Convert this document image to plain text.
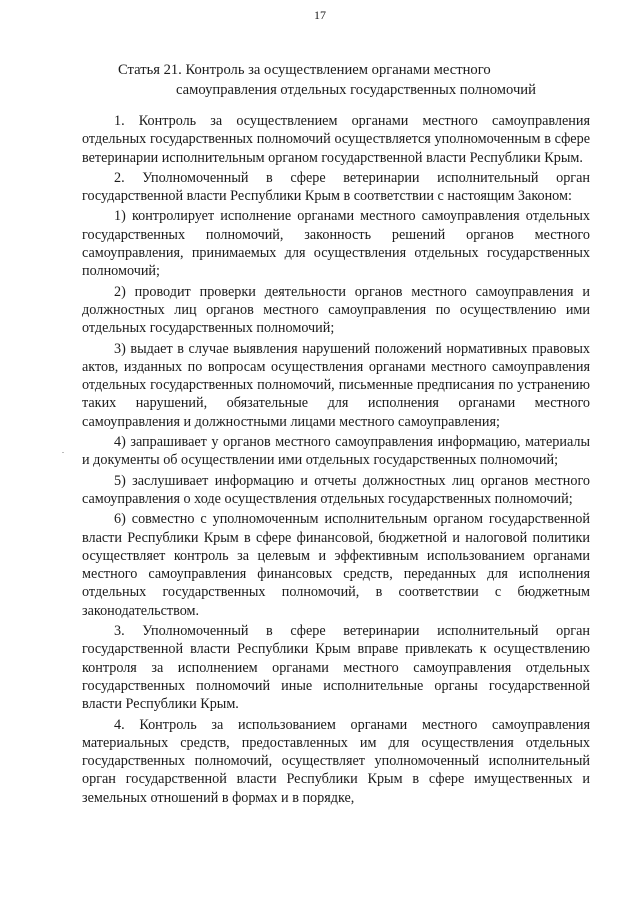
17
Статья 21. Контроль за осуществлением органами местного
самоуправления отдельных государственных полномочий

1. Контроль за осуществлением органами местного самоуправления отдельных государственных полномочий осуществляется уполномоченным в сфере ветеринарии исполнительным органом государственной власти Республики Крым.

2. Уполномоченный в сфере ветеринарии исполнительный орган государственной власти Республики Крым в соответствии с настоящим Законом:

1) контролирует исполнение органами местного самоуправления отдельных государственных полномочий, законность решений органов местного самоуправления, принимаемых для осуществления отдельных государственных полномочий;

2) проводит проверки деятельности органов местного самоуправления и должностных лиц органов местного самоуправления по осуществлению ими отдельных государственных полномочий;

3) выдает в случае выявления нарушений положений нормативных правовых актов, изданных по вопросам осуществления органами местного самоуправления отдельных государственных полномочий, письменные предписания по устранению таких нарушений, обязательные для исполнения органами местного самоуправления и должностными лицами местного самоуправления;

4) запрашивает у органов местного самоуправления информацию, материалы и документы об осуществлении ими отдельных государственных полномочий;

5) заслушивает информацию и отчеты должностных лиц органов местного самоуправления о ходе осуществления отдельных государственных полномочий;

6) совместно с уполномоченным исполнительным органом государственной власти Республики Крым в сфере финансовой, бюджетной и налоговой политики осуществляет контроль за целевым и эффективным использованием органами местного самоуправления финансовых средств, переданных для исполнения отдельных государственных полномочий, в соответствии с бюджетным законодательством.

3. Уполномоченный в сфере ветеринарии исполнительный орган государственной власти Республики Крым вправе привлекать к осуществлению контроля за исполнением органами местного самоуправления отдельных государственных полномочий иные исполнительные органы государственной власти Республики Крым.

4. Контроль за использованием органами местного самоуправления материальных средств, предоставленных им для осуществления отдельных государственных полномочий, осуществляет уполномоченный исполнительный орган государственной власти Республики Крым в сфере имущественных и земельных отношений в формах и в порядке,
